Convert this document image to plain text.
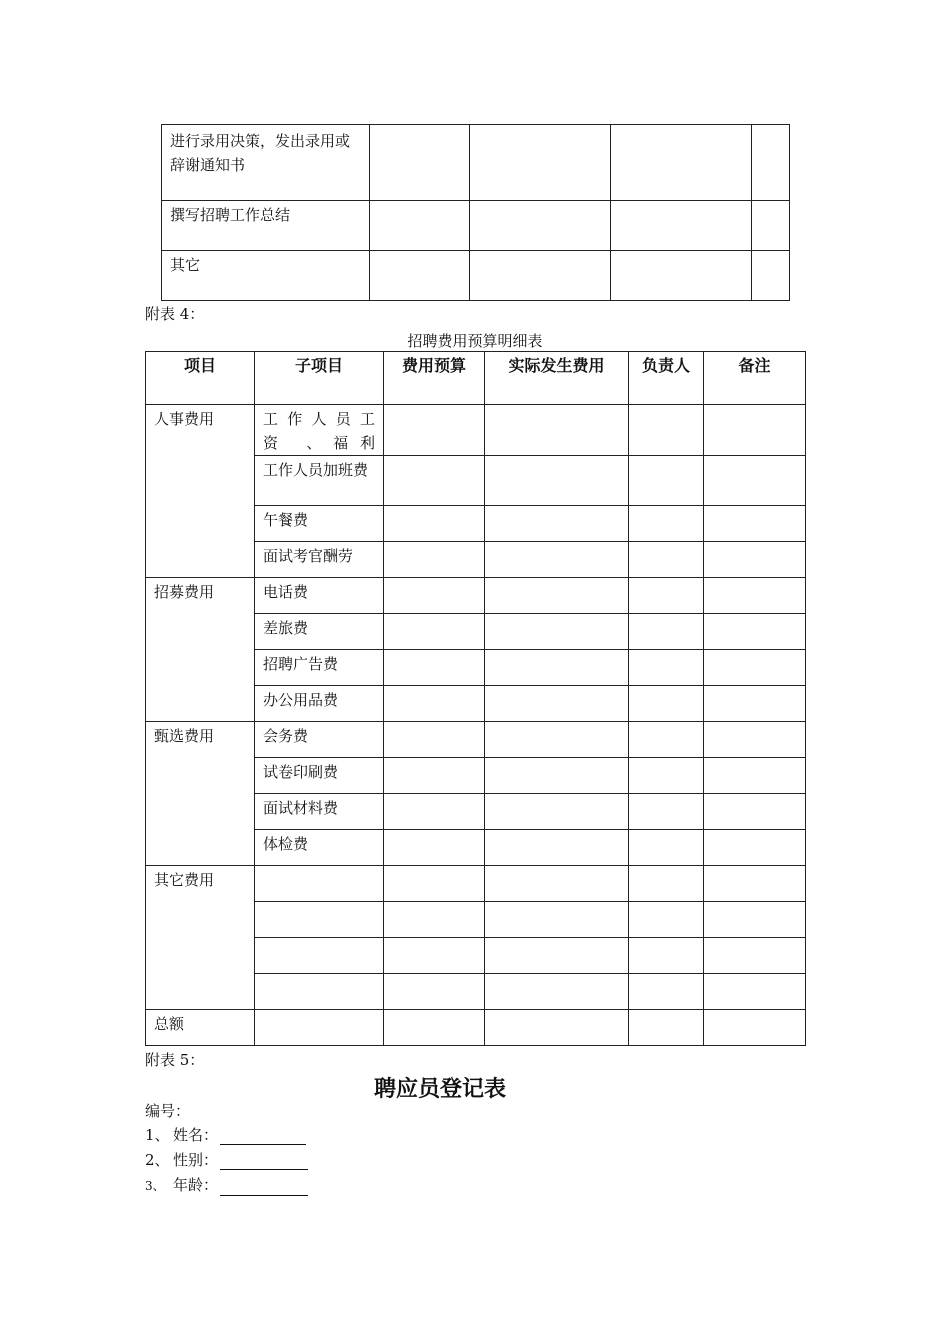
进行录用决策，发出录用或辞谢通知书				

撰写招聘工作总结				

其它				

附表 4：
招聘费用预算明细表
项目	子项目	费用预算	实际发生费用	负责人	备注

人事费用	工 作 人 员 工 资 、福利				

	工作人员加班费				

	午餐费				

	面试考官酬劳				

招募费用	电话费				

	差旅费				

	招聘广告费				

	办公用品费				

甄选费用	会务费				

	试卷印刷费				

	面试材料费				

	体检费				

其它费用					

总额					

附表 5：
聘应员登记表
编号：
1、 姓名：
2、 性别：
3、 年龄：
